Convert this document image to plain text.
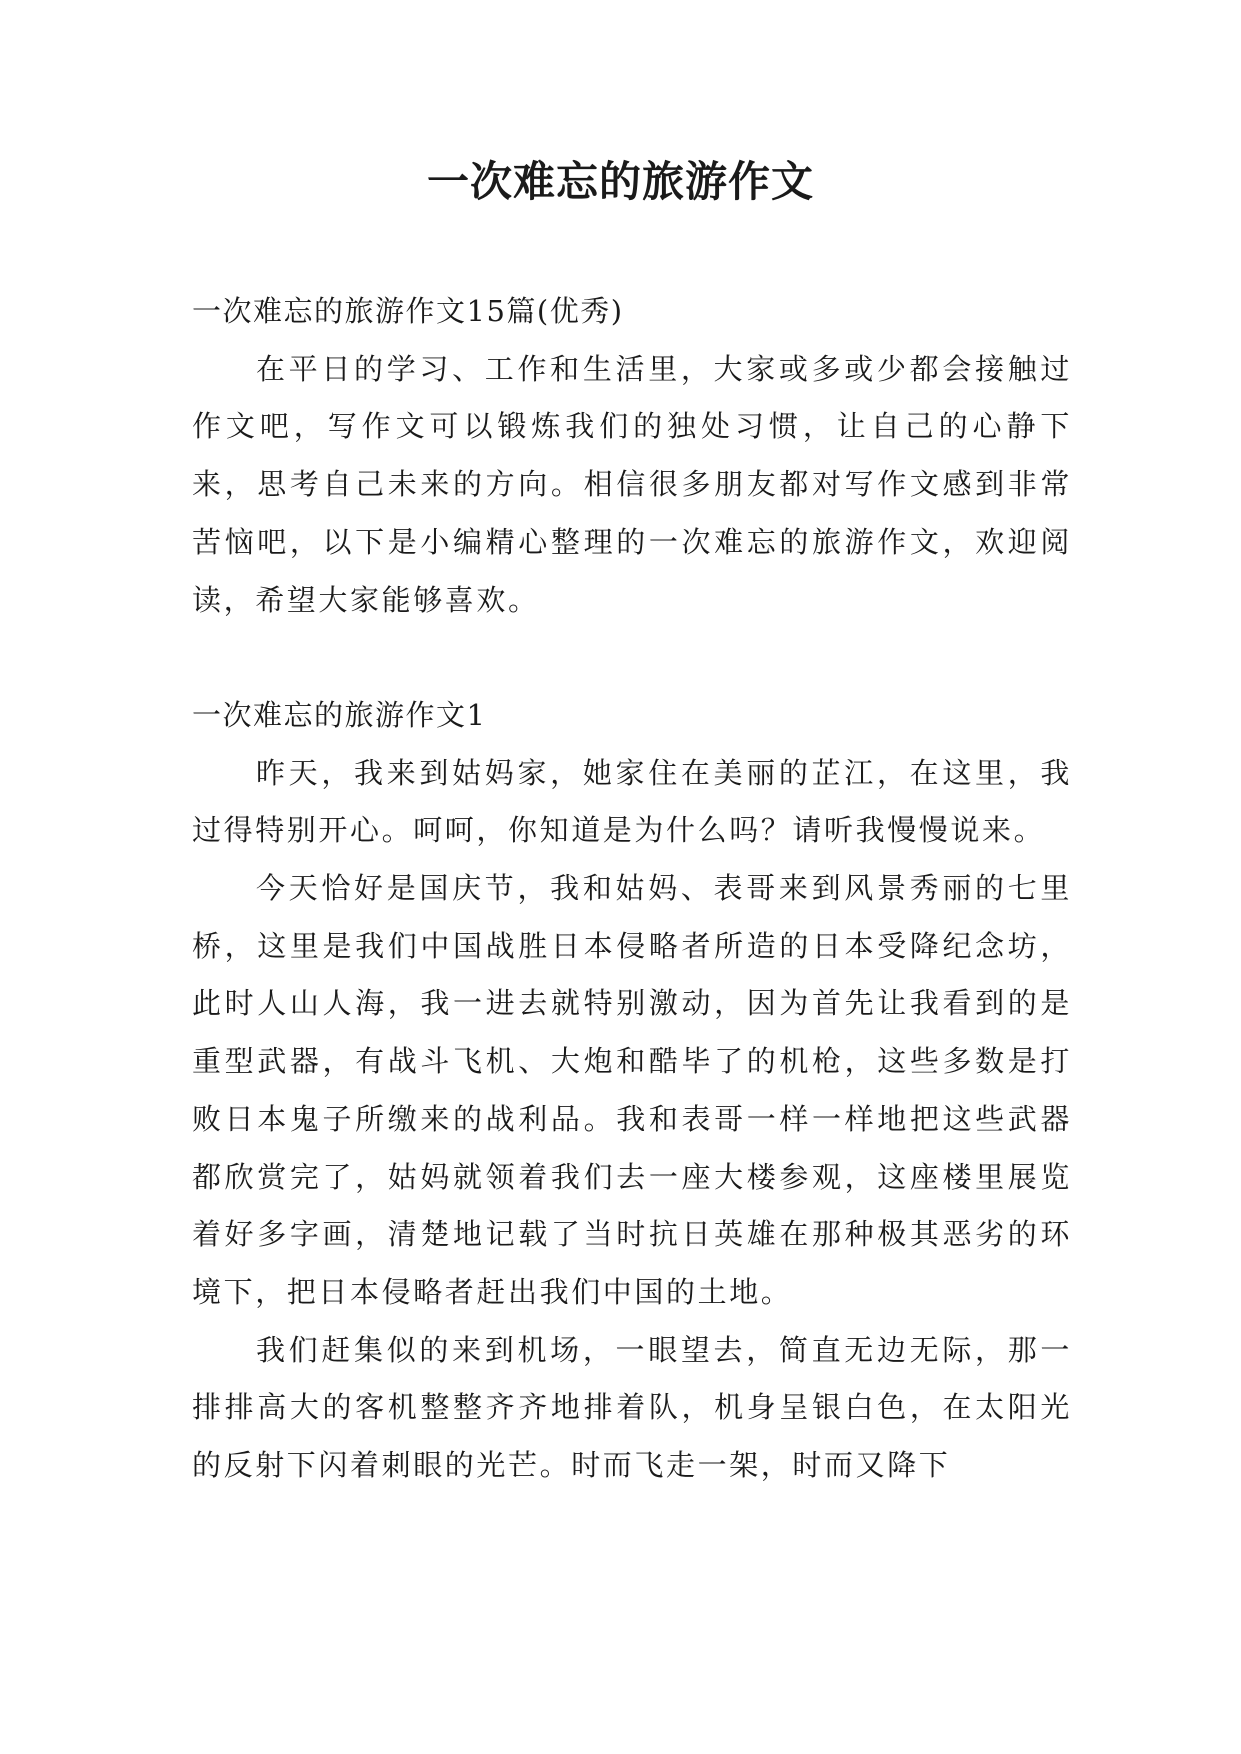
一次难忘的旅游作文

一次难忘的旅游作文15篇(优秀)

在平日的学习、工作和生活里，大家或多或少都会接触过作文吧，写作文可以锻炼我们的独处习惯，让自己的心静下来，思考自己未来的方向。相信很多朋友都对写作文感到非常苦恼吧，以下是小编精心整理的一次难忘的旅游作文，欢迎阅读，希望大家能够喜欢。

一次难忘的旅游作文1

昨天，我来到姑妈家，她家住在美丽的芷江，在这里，我过得特别开心。呵呵，你知道是为什么吗？请听我慢慢说来。

今天恰好是国庆节，我和姑妈、表哥来到风景秀丽的七里桥，这里是我们中国战胜日本侵略者所造的日本受降纪念坊，此时人山人海，我一进去就特别激动，因为首先让我看到的是重型武器，有战斗飞机、大炮和酷毕了的机枪，这些多数是打败日本鬼子所缴来的战利品。我和表哥一样一样地把这些武器都欣赏完了，姑妈就领着我们去一座大楼参观，这座楼里展览着好多字画，清楚地记载了当时抗日英雄在那种极其恶劣的环境下，把日本侵略者赶出我们中国的土地。

我们赶集似的来到机场，一眼望去，简直无边无际，那一排排高大的客机整整齐齐地排着队，机身呈银白色，在太阳光的反射下闪着刺眼的光芒。时而飞走一架，时而又降下
